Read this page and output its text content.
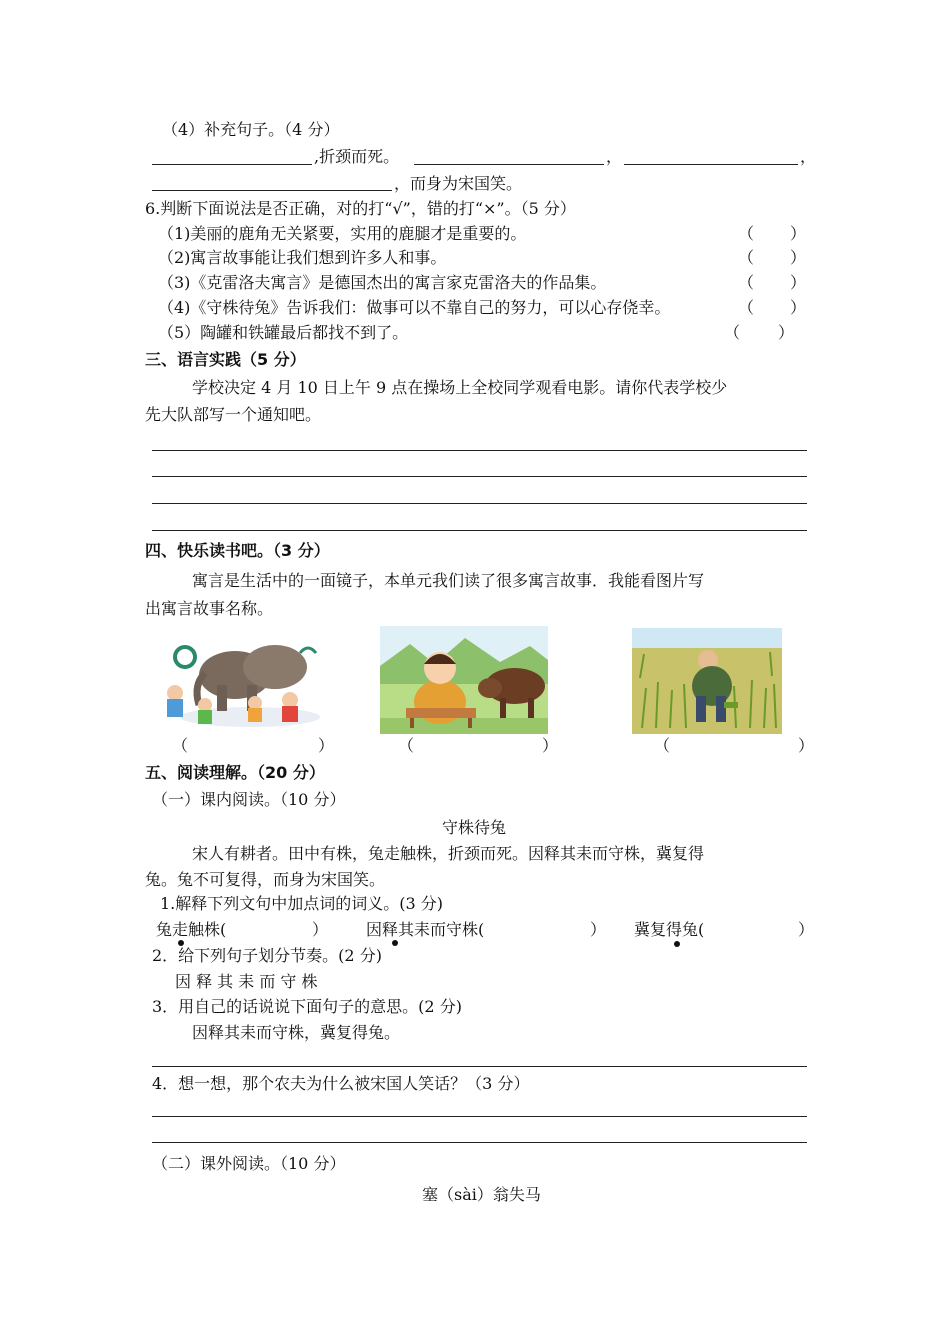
（4）补充句子。（4 分）
,折颈而死。	，	，
，而身为宋国笑。
6.判断下面说法是否正确，对的打“√”，错的打“×”。（5 分）
（1)美丽的鹿角无关紧要，实用的鹿腿才是重要的。	（ ）
（2)寓言故事能让我们想到许多人和事。	（ ）
（3)《克雷洛夫寓言》是德国杰出的寓言家克雷洛夫的作品集。	（ ）
（4)《守株待兔》告诉我们：做事可以不靠自己的努力，可以心存侥幸。	（ ）
（5）陶罐和铁罐最后都找不到了。	（ ）
三、语言实践（5 分）
学校决定 4 月 10 日上午 9 点在操场上全校同学观看电影。请你代表学校少
先大队部写一个通知吧。
四、快乐读书吧。（3 分）
寓言是生活中的一面镜子，本单元我们读了很多寓言故事．我能看图片写
出寓言故事名称。
（	）	（	）	（	）
五、阅读理解。（20 分）
（一）课内阅读。（10 分）
守株待兔
宋人有耕者。田中有株，兔走触株，折颈而死。因释其耒而守株，冀复得
兔。兔不可复得，而身为宋国笑。
1.解释下列文句中加点词的词义。(3 分)
兔走触株(	） 因释其耒而守株(	） 冀复得兔(	）
2．给下列句子划分节奏。(2 分)
因 释 其 耒 而 守 株
3．用自己的话说说下面句子的意思。(2 分)
因释其耒而守株，冀复得兔。
4．想一想，那个农夫为什么被宋国人笑话？（3 分）
（二）课外阅读。（10 分）
塞（sài）翁失马
